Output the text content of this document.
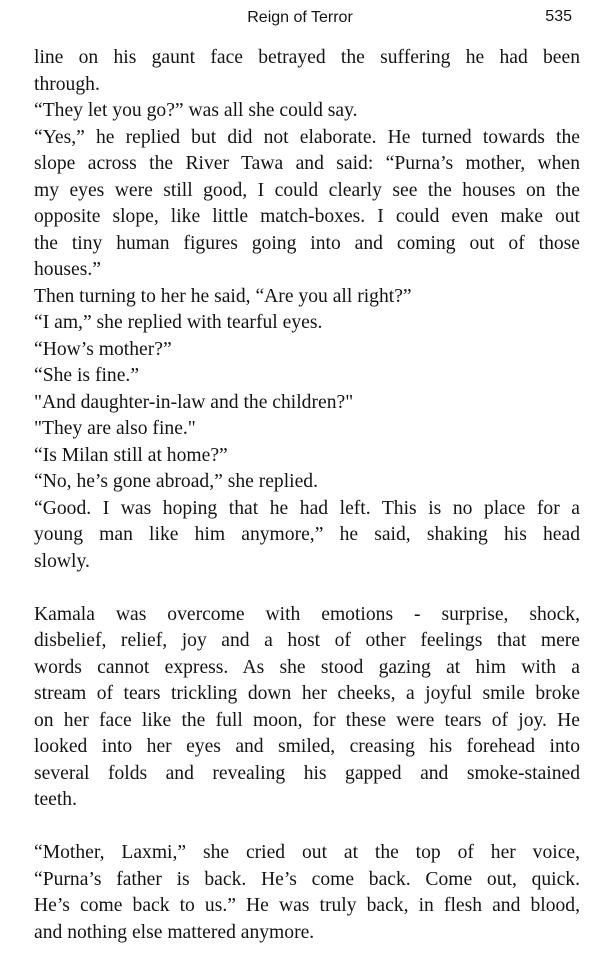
Reign of Terror	535
line on his gaunt face betrayed the suffering he had been
through.
“They let you go?” was all she could say.
“Yes,” he replied but did not elaborate. He turned towards the
slope across the River Tawa and said: “Purna’s mother, when
my eyes were still good, I could clearly see the houses on the
opposite slope, like little match-boxes. I could even make out
the tiny human figures going into and coming out of those
houses.”
Then turning to her he said, “Are you all right?”
“I am,” she replied with tearful eyes.
“How’s mother?”
“She is fine.”
"And daughter-in-law and the children?"
"They are also fine."
“Is Milan still at home?”
“No, he’s gone abroad,” she replied.
“Good. I was hoping that he had left. This is no place for a
young man like him anymore,” he said, shaking his head
slowly.
Kamala was overcome with emotions - surprise, shock,
disbelief, relief, joy and a host of other feelings that mere
words cannot express. As she stood gazing at him with a
stream of tears trickling down her cheeks, a joyful smile broke
on her face like the full moon, for these were tears of joy. He
looked into her eyes and smiled, creasing his forehead into
several folds and revealing his gapped and smoke-stained
teeth.
“Mother, Laxmi,” she cried out at the top of her voice,
“Purna’s father is back. He’s come back. Come out, quick.
He’s come back to us.” He was truly back, in flesh and blood,
and nothing else mattered anymore.
